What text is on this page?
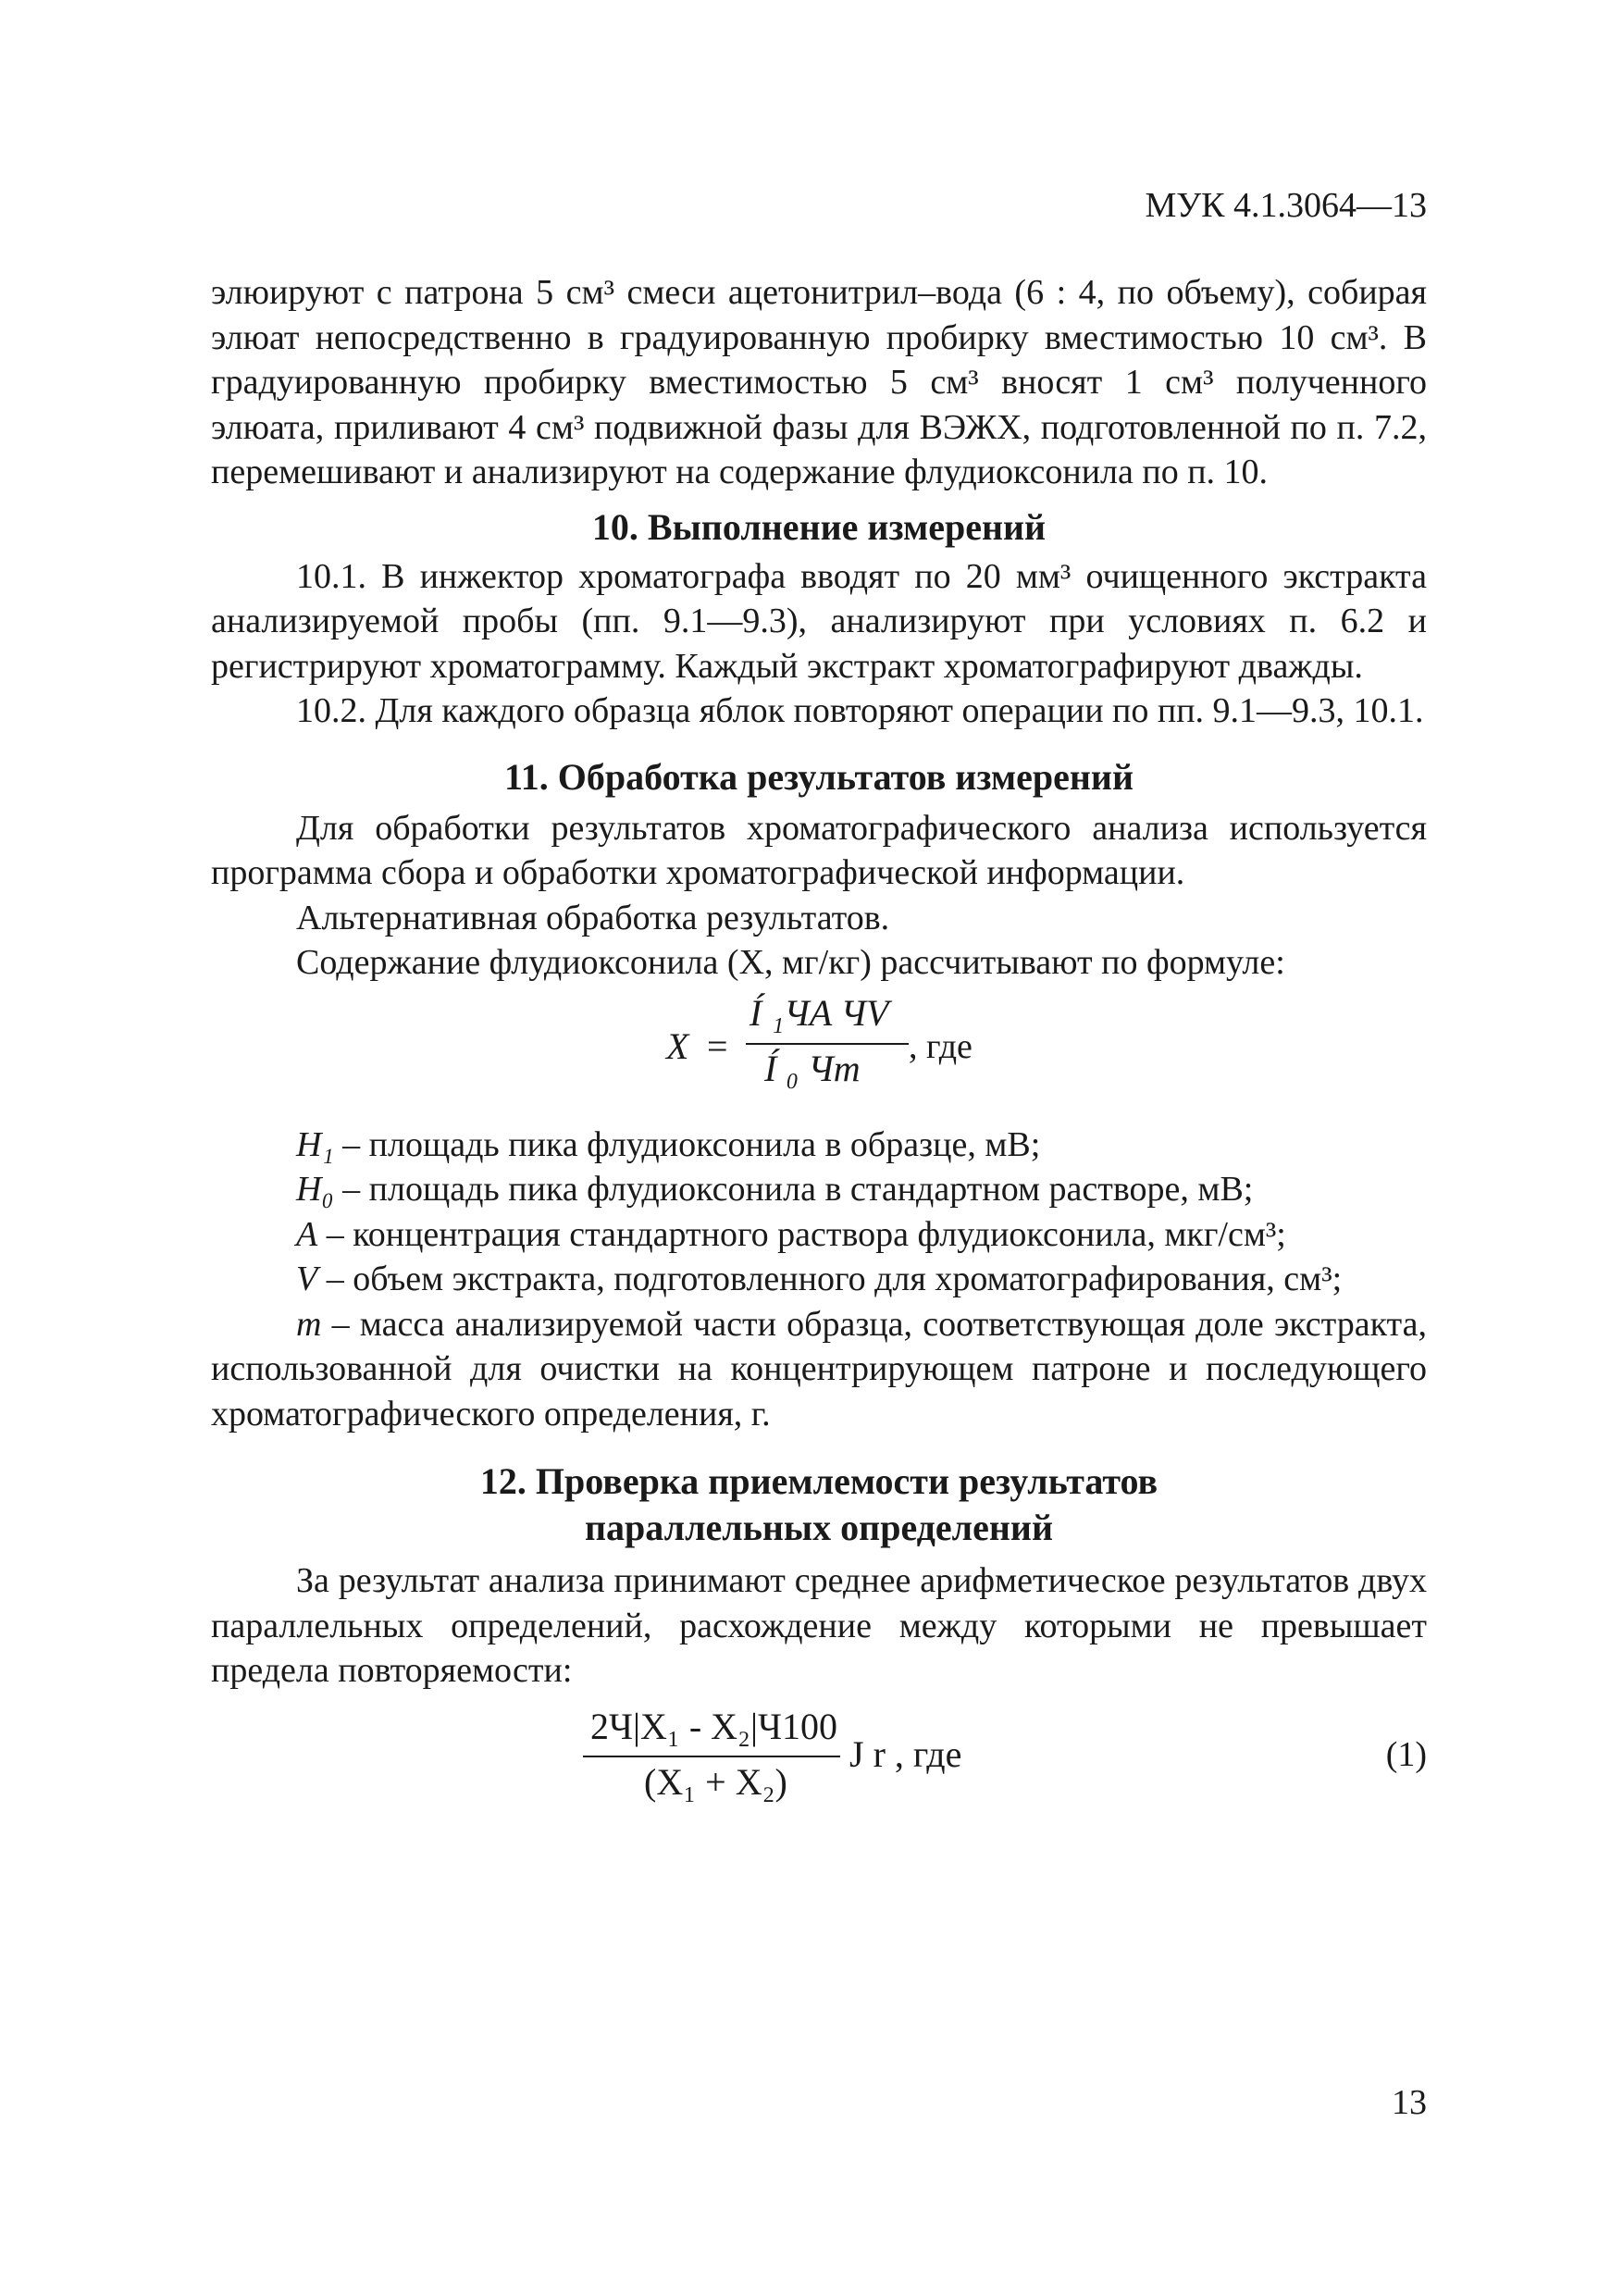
МУК 4.1.3064—13

элюируют с патрона 5 см³ смеси ацетонитрил–вода (6 : 4, по объему), собирая элюат непосредственно в градуированную пробирку вместимостью 10 см³. В градуированную пробирку вместимостью 5 см³ вносят 1 см³ полученного элюата, приливают 4 см³ подвижной фазы для ВЭЖХ, подготовленной по п. 7.2, перемешивают и анализируют на содержание флудиоксонила по п. 10.

10. Выполнение измерений

10.1. В инжектор хроматографа вводят по 20 мм³ очищенного экстракта анализируемой пробы (пп. 9.1—9.3), анализируют при условиях п. 6.2 и регистрируют хроматограмму. Каждый экстракт хроматографируют дважды.

10.2. Для каждого образца яблок повторяют операции по пп. 9.1—9.3, 10.1.

11. Обработка результатов измерений

Для обработки результатов хроматографического анализа используется программа сбора и обработки хроматографической информации.

Альтернативная обработка результатов.

Содержание флудиоксонила (X, мг/кг) рассчитывают по формуле:

X =
Í ₁ЧA ЧV
Í ₀ Чm
, где

H₁ – площадь пика флудиоксонила в образце, мВ;

H₀ – площадь пика флудиоксонила в стандартном растворе, мВ;

A – концентрация стандартного раствора флудиоксонила, мкг/см³;

V – объем экстракта, подготовленного для хроматографирования, см³;

m – масса анализируемой части образца, соответствующая доле экстракта, использованной для очистки на концентрирующем патроне и последующего хроматографического определения, г.

12. Проверка приемлемости результатов
параллельных определений

За результат анализа принимают среднее арифметическое результатов двух параллельных определений, расхождение между которыми не превышает предела повторяемости:

2Ч|X₁ - X₂|Ч100
(X₁ + X₂)
J r , где	(1)
13
